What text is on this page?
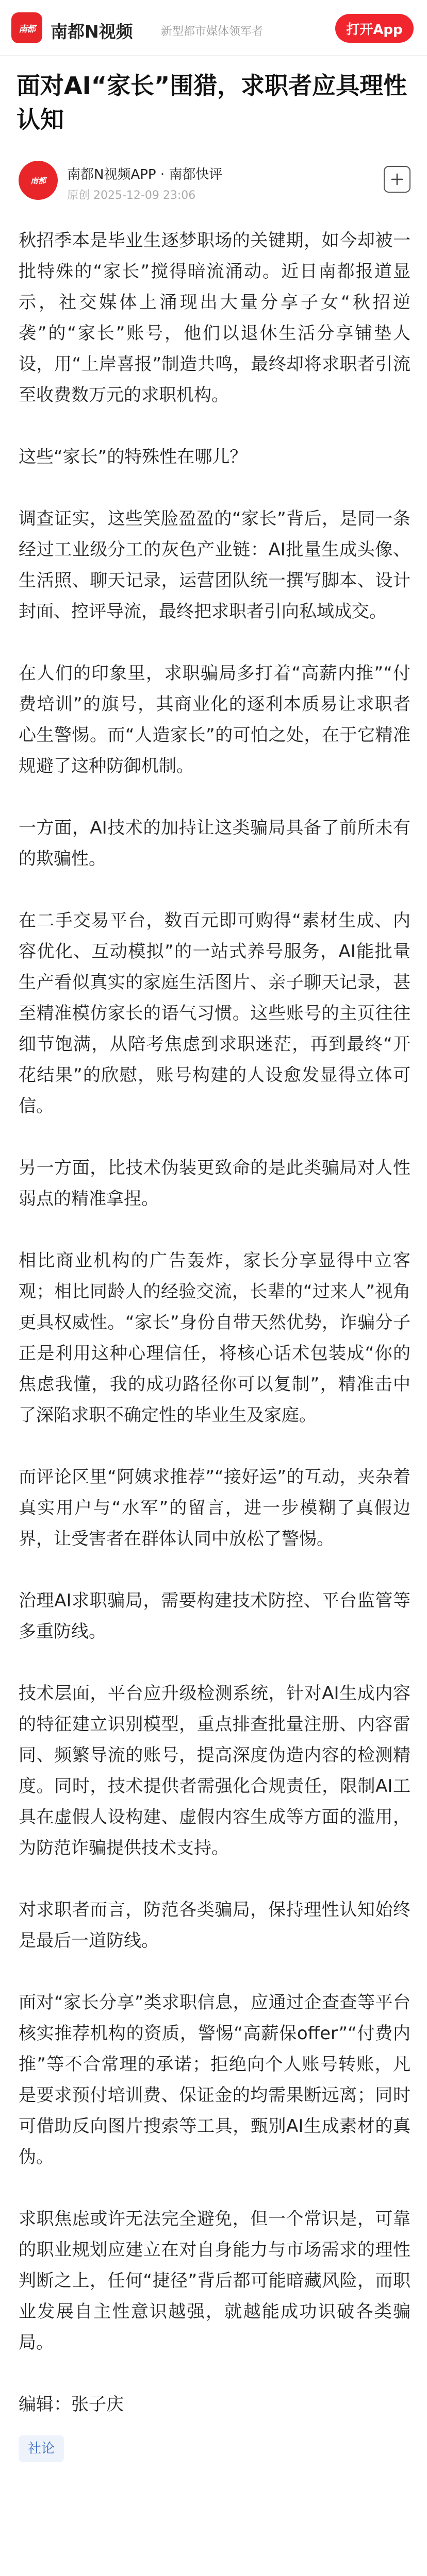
南都 南都N视频 新型都市媒体领军者	打开App
面对AI“家长”围猎，求职者应具理性认知
南都	南都N视频APP · 南都快评
原创 2025-12-09 23:06

秋招季本是毕业生逐梦职场的关键期，如今却被一批特殊的“家长”搅得暗流涌动。近日南都报道显示，社交媒体上涌现出大量分享子女“秋招逆袭”的“家长”账号，他们以退休生活分享铺垫人设，用“上岸喜报”制造共鸣，最终却将求职者引流至收费数万元的求职机构。

这些“家长”的特殊性在哪儿？

调查证实，这些笑脸盈盈的“家长”背后，是同一条经过工业级分工的灰色产业链：AI批量生成头像、生活照、聊天记录，运营团队统一撰写脚本、设计封面、控评导流，最终把求职者引向私域成交。

在人们的印象里，求职骗局多打着“高薪内推”“付费培训”的旗号，其商业化的逐利本质易让求职者心生警惕。而“人造家长”的可怕之处，在于它精准规避了这种防御机制。

一方面，AI技术的加持让这类骗局具备了前所未有的欺骗性。

在二手交易平台，数百元即可购得“素材生成、内容优化、互动模拟”的一站式养号服务，AI能批量生产看似真实的家庭生活图片、亲子聊天记录，甚至精准模仿家长的语气习惯。这些账号的主页往往细节饱满，从陪考焦虑到求职迷茫，再到最终“开花结果”的欣慰，账号构建的人设愈发显得立体可信。

另一方面，比技术伪装更致命的是此类骗局对人性弱点的精准拿捏。

相比商业机构的广告轰炸，家长分享显得中立客观；相比同龄人的经验交流，长辈的“过来人”视角更具权威性。“家长”身份自带天然优势，诈骗分子正是利用这种心理信任，将核心话术包装成“你的焦虑我懂，我的成功路径你可以复制”，精准击中了深陷求职不确定性的毕业生及家庭。

而评论区里“阿姨求推荐”“接好运”的互动，夹杂着真实用户与“水军”的留言，进一步模糊了真假边界，让受害者在群体认同中放松了警惕。

治理AI求职骗局，需要构建技术防控、平台监管等多重防线。

技术层面，平台应升级检测系统，针对AI生成内容的特征建立识别模型，重点排查批量注册、内容雷同、频繁导流的账号，提高深度伪造内容的检测精度。同时，技术提供者需强化合规责任，限制AI工具在虚假人设构建、虚假内容生成等方面的滥用，为防范诈骗提供技术支持。

对求职者而言，防范各类骗局，保持理性认知始终是最后一道防线。

面对“家长分享”类求职信息，应通过企查查等平台核实推荐机构的资质，警惕“高薪保offer”“付费内推”等不合常理的承诺；拒绝向个人账号转账，凡是要求预付培训费、保证金的均需果断远离；同时可借助反向图片搜索等工具，甄别AI生成素材的真伪。

求职焦虑或许无法完全避免，但一个常识是，可靠的职业规划应建立在对自身能力与市场需求的理性判断之上，任何“捷径”背后都可能暗藏风险，而职业发展自主性意识越强，就越能成功识破各类骗局。

编辑：张子庆

社论
